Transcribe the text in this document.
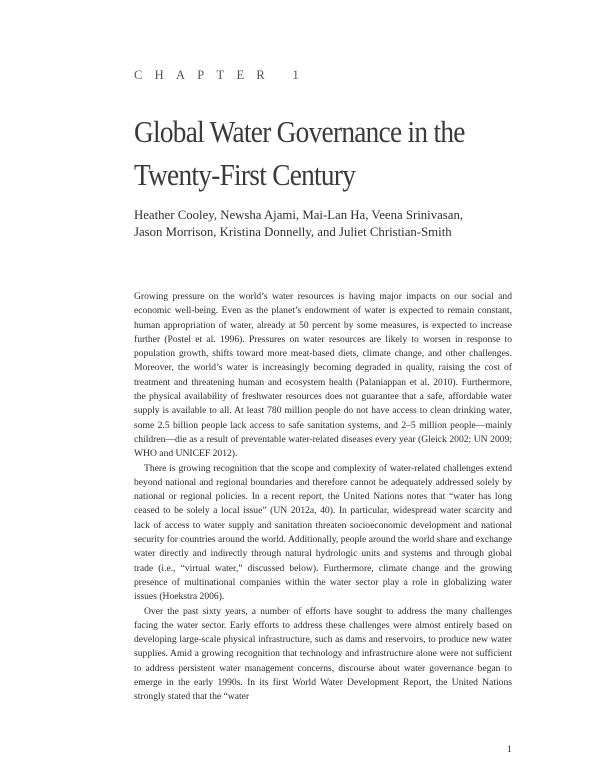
CHAPTER 1
Global Water Governance in the
Twenty-First Century
Heather Cooley, Newsha Ajami, Mai-Lan Ha, Veena Srinivasan,
Jason Morrison, Kristina Donnelly, and Juliet Christian-Smith

Growing pressure on the world’s water resources is having major impacts on our social and economic well-being. Even as the planet’s endowment of water is expected to remain constant, human appropriation of water, already at 50 percent by some measures, is expected to increase further (Postel et al. 1996). Pressures on water resources are likely to worsen in response to population growth, shifts toward more meat-based diets, climate change, and other challenges. Moreover, the world’s water is increasingly becoming degraded in quality, raising the cost of treatment and threatening human and ecosystem health (Palaniappan et al. 2010). Furthermore, the physical availability of freshwater resources does not guarantee that a safe, affordable water supply is available to all. At least 780 million people do not have access to clean drinking water, some 2.5 billion people lack access to safe sanitation systems, and 2–5 million people—mainly children—die as a result of preventable water-related diseases every year (Gleick 2002; UN 2009; WHO and UNICEF 2012).

There is growing recognition that the scope and complexity of water-related challenges extend beyond national and regional boundaries and therefore cannot be adequately addressed solely by national or regional policies. In a recent report, the United Nations notes that “water has long ceased to be solely a local issue” (UN 2012a, 40). In particular, widespread water scarcity and lack of access to water supply and sanitation threaten socioeconomic development and national security for countries around the world. Additionally, people around the world share and exchange water directly and indirectly through natural hydrologic units and systems and through global trade (i.e., “virtual water,” discussed below). Furthermore, climate change and the growing presence of multinational companies within the water sector play a role in globalizing water issues (Hoekstra 2006).

Over the past sixty years, a number of efforts have sought to address the many challenges facing the water sector. Early efforts to address these challenges were almost entirely based on developing large-scale physical infrastructure, such as dams and reservoirs, to produce new water supplies. Amid a growing recognition that technology and infrastructure alone were not sufficient to address persistent water management concerns, discourse about water governance began to emerge in the early 1990s. In its first World Water Development Report, the United Nations strongly stated that the “water

1
